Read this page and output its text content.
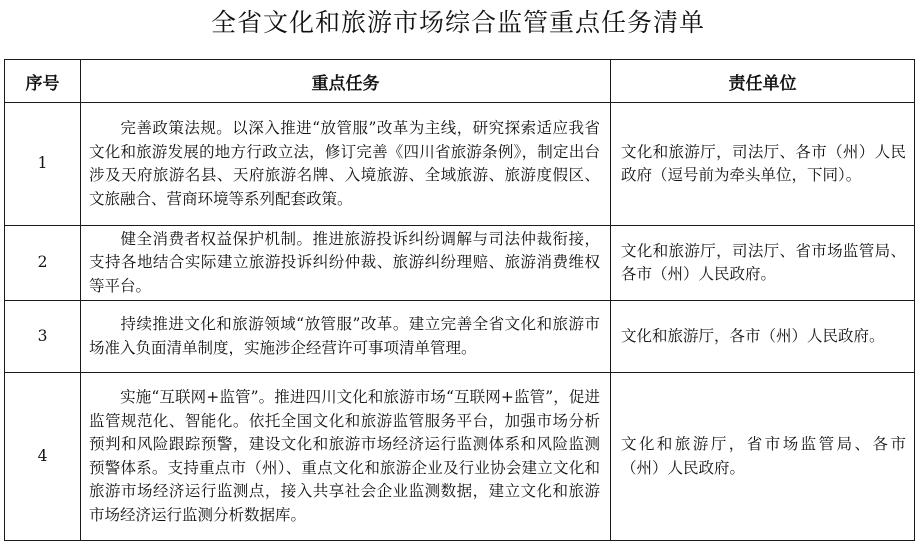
全省文化和旅游市场综合监管重点任务清单
序号	重点任务	责任单位
1	完善政策法规。以深入推进“放管服”改革为主线，研究探索适应我省文化和旅游发展的地方行政立法，修订完善《四川省旅游条例》，制定出台涉及天府旅游名县、天府旅游名牌、入境旅游、全域旅游、旅游度假区、文旅融合、营商环境等系列配套政策。	文化和旅游厅，司法厅、各市（州）人民政府（逗号前为牵头单位，下同）。
2	健全消费者权益保护机制。推进旅游投诉纠纷调解与司法仲裁衔接，支持各地结合实际建立旅游投诉纠纷仲裁、旅游纠纷理赔、旅游消费维权等平台。	文化和旅游厅，司法厅、省市场监管局、各市（州）人民政府。
3	持续推进文化和旅游领域“放管服”改革。建立完善全省文化和旅游市场准入负面清单制度，实施涉企经营许可事项清单管理。	文化和旅游厅，各市（州）人民政府。
4	实施“互联网+监管”。推进四川文化和旅游市场“互联网+监管”，促进监管规范化、智能化。依托全国文化和旅游监管服务平台，加强市场分析预判和风险跟踪预警，建设文化和旅游市场经济运行监测体系和风险监测预警体系。支持重点市（州）、重点文化和旅游企业及行业协会建立文化和旅游市场经济运行监测点，接入共享社会企业监测数据，建立文化和旅游市场经济运行监测分析数据库。	文化和旅游厅，省市场监管局、各市（州）人民政府。
